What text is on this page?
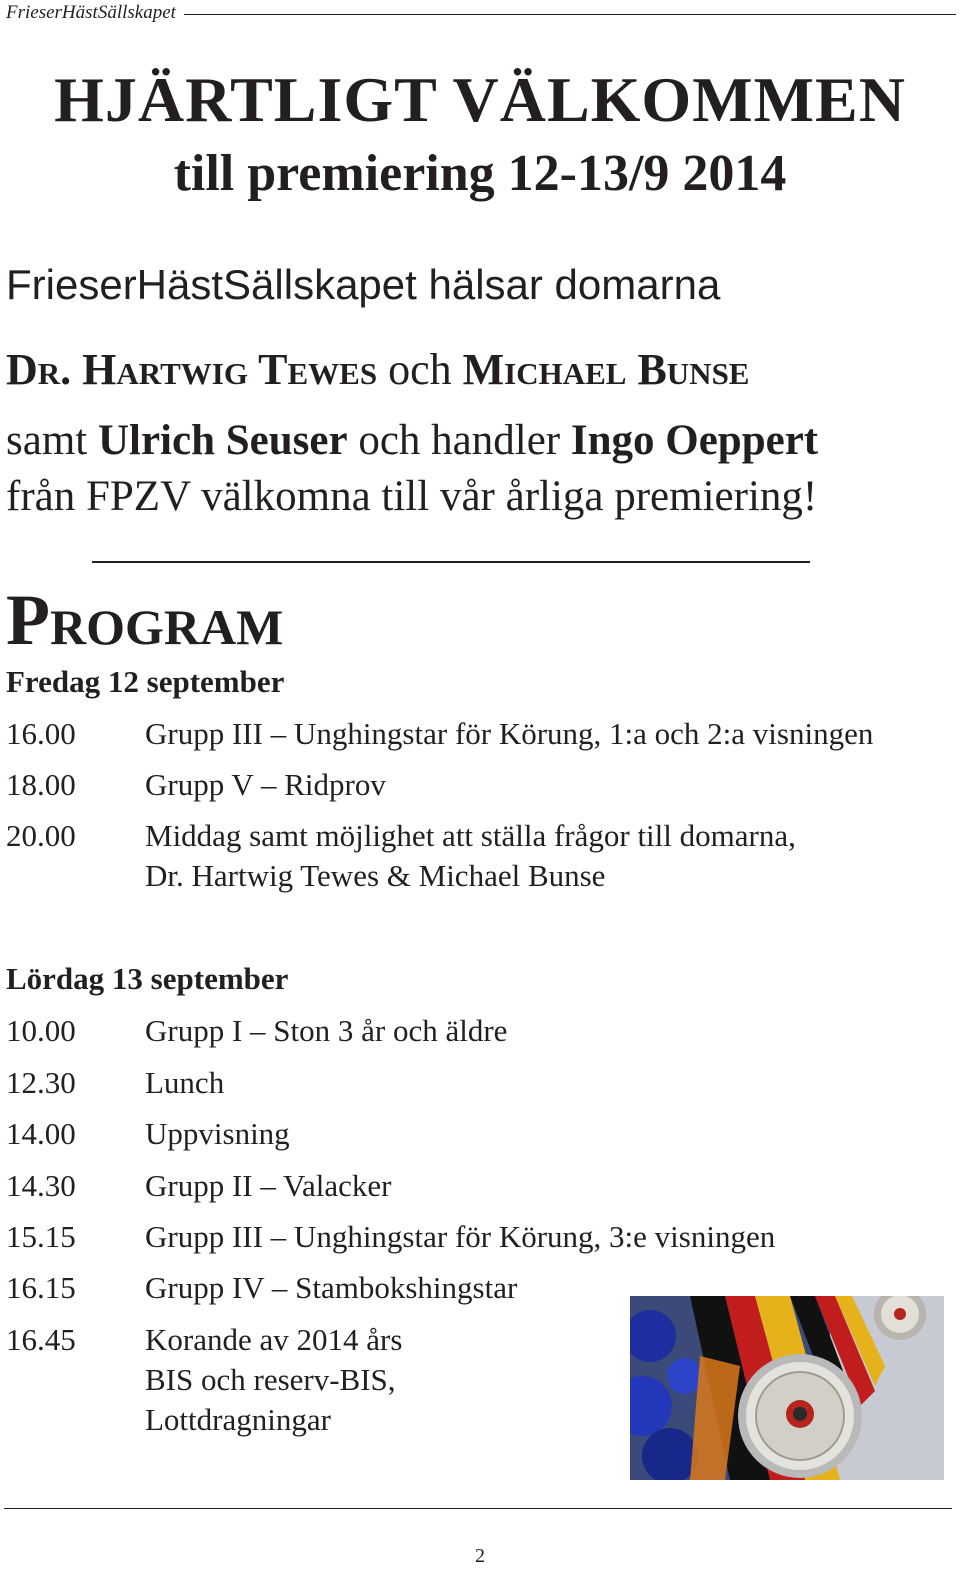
FrieserHästSällskapet
HJÄRTLIGT VÄLKOMMEN
till premiering 12-13/9 2014
FrieserHästSällskapet hälsar domarna
Dr. Hartwig Tewes och Michael Bunse
samt Ulrich Seuser och handler Ingo Oeppert
från FPZV välkomna till vår årliga premiering!
Program
Fredag 12 september
16.00 Grupp III – Unghingstar för Körung, 1:a och 2:a visningen
18.00 Grupp V – Ridprov
20.00 Middag samt möjlighet att ställa frågor till domarna,
Dr. Hartwig Tewes & Michael Bunse
Lördag 13 september
10.00 Grupp I – Ston 3 år och äldre
12.30 Lunch
14.00 Uppvisning
14.30 Grupp II – Valacker
15.15 Grupp III – Unghingstar för Körung, 3:e visningen
16.15 Grupp IV – Stambokshingstar
16.45 Korande av 2014 års
BIS och reserv-BIS,
Lottdragningar
2
